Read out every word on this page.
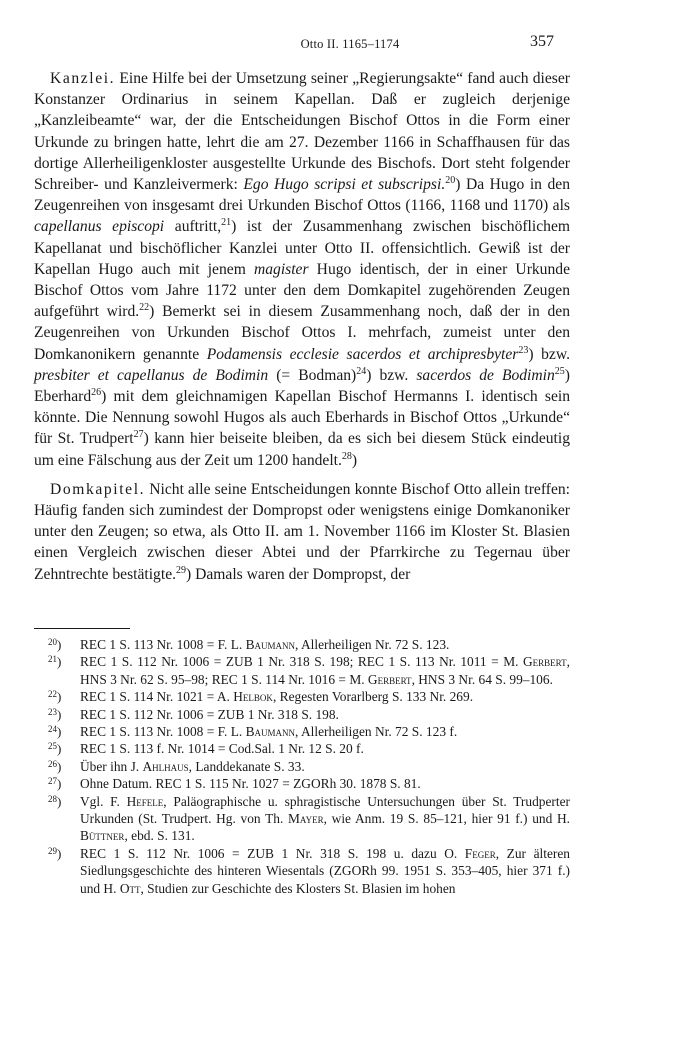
Otto II. 1165–1174	357

Kanzlei. Eine Hilfe bei der Umsetzung seiner „Regierungsakte“ fand auch dieser Konstanzer Ordinarius in seinem Kapellan. Daß er zugleich derjenige „Kanzleibeamte“ war, der die Entscheidungen Bischof Ottos in die Form einer Urkunde zu bringen hatte, lehrt die am 27. Dezember 1166 in Schaffhausen für das dortige Allerheiligenkloster ausgestellte Urkunde des Bischofs. Dort steht folgender Schreiber- und Kanzleivermerk: Ego Hugo scripsi et subscripsi.$^{20}$) Da Hugo in den Zeugenreihen von insgesamt drei Urkunden Bischof Ottos (1166, 1168 und 1170) als capellanus episcopi auftritt,$^{21}$) ist der Zusammenhang zwischen bischöflichem Kapellanat und bischöflicher Kanzlei unter Otto II. offensichtlich. Gewiß ist der Kapellan Hugo auch mit jenem magister Hugo identisch, der in einer Urkunde Bischof Ottos vom Jahre 1172 unter den dem Domkapitel zugehörenden Zeugen aufgeführt wird.$^{22}$) Bemerkt sei in diesem Zusammenhang noch, daß der in den Zeugenreihen von Urkunden Bischof Ottos I. mehrfach, zumeist unter den Domkanonikern genannte Podamensis ecclesie sacerdos et archipresbyter$^{23}$) bzw. presbiter et capellanus de Bodimin (= Bodman)$^{24}$) bzw. sacerdos de Bodimin$^{25}$) Eberhard$^{26}$) mit dem gleichnamigen Kapellan Bischof Hermanns I. identisch sein könnte. Die Nennung sowohl Hugos als auch Eberhards in Bischof Ottos „Urkunde“ für St. Trudpert$^{27}$) kann hier beiseite bleiben, da es sich bei diesem Stück eindeutig um eine Fälschung aus der Zeit um 1200 handelt.$^{28}$)

Domkapitel. Nicht alle seine Entscheidungen konnte Bischof Otto allein treffen: Häufig fanden sich zumindest der Dompropst oder wenigstens einige Domkanoniker unter den Zeugen; so etwa, als Otto II. am 1. November 1166 im Kloster St. Blasien einen Vergleich zwischen dieser Abtei und der Pfarrkirche zu Tegernau über Zehntrechte bestätigte.$^{29}$) Damals waren der Dompropst, der

$^{20}$) REC 1 S. 113 Nr. 1008 = F. L. Baumann, Allerheiligen Nr. 72 S. 123.
$^{21}$) REC 1 S. 112 Nr. 1006 = ZUB 1 Nr. 318 S. 198; REC 1 S. 113 Nr. 1011 = M. Gerbert, HNS 3 Nr. 62 S. 95–98; REC 1 S. 114 Nr. 1016 = M. Gerbert, HNS 3 Nr. 64 S. 99–106.
$^{22}$) REC 1 S. 114 Nr. 1021 = A. Helbok, Regesten Vorarlberg S. 133 Nr. 269.
$^{23}$) REC 1 S. 112 Nr. 1006 = ZUB 1 Nr. 318 S. 198.
$^{24}$) REC 1 S. 113 Nr. 1008 = F. L. Baumann, Allerheiligen Nr. 72 S. 123 f.
$^{25}$) REC 1 S. 113 f. Nr. 1014 = Cod.Sal. 1 Nr. 12 S. 20 f.
$^{26}$) Über ihn J. Ahlhaus, Landdekanate S. 33.
$^{27}$) Ohne Datum. REC 1 S. 115 Nr. 1027 = ZGORh 30. 1878 S. 81.
$^{28}$) Vgl. F. Hefele, Paläographische u. sphragistische Untersuchungen über St. Trudperter Urkunden (St. Trudpert. Hg. von Th. Mayer, wie Anm. 19 S. 85–121, hier 91 f.) und H. Büttner, ebd. S. 131.
$^{29}$) REC 1 S. 112 Nr. 1006 = ZUB 1 Nr. 318 S. 198 u. dazu O. Feger, Zur älteren Siedlungsgeschichte des hinteren Wiesentals (ZGORh 99. 1951 S. 353–405, hier 371 f.) und H. Ott, Studien zur Geschichte des Klosters St. Blasien im hohen
